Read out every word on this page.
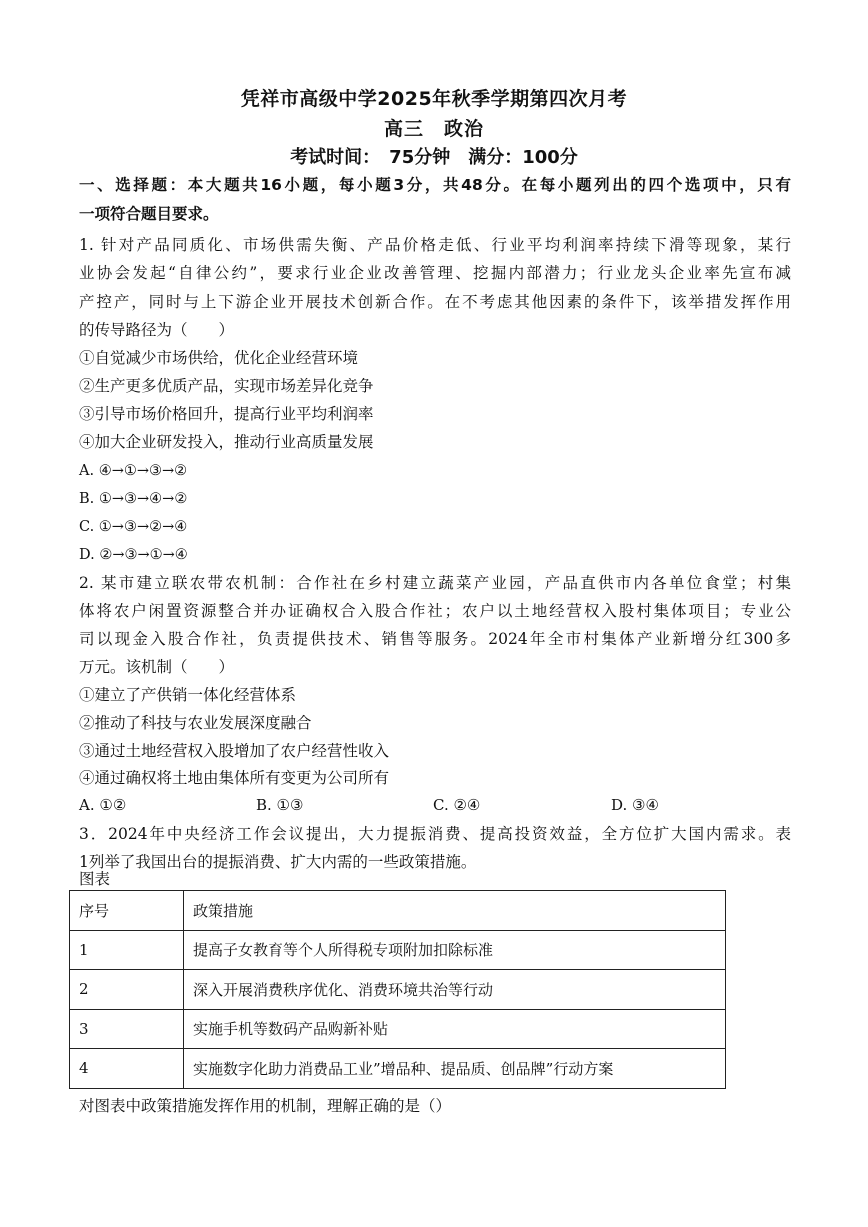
凭祥市高级中学2025年秋季学期第四次月考
高三　政治
考试时间：　75分钟　满分：100分
一、选择题：本大题共16小题，每小题3分，共48分。在每小题列出的四个选项中，只有
一项符合题目要求。
1. 针对产品同质化、市场供需失衡、产品价格走低、行业平均利润率持续下滑等现象，某行
业协会发起“自律公约”，要求行业企业改善管理、挖掘内部潜力；行业龙头企业率先宣布减
产控产，同时与上下游企业开展技术创新合作。在不考虑其他因素的条件下，该举措发挥作用
的传导路径为（　　）
①自觉减少市场供给，优化企业经营环境
②生产更多优质产品，实现市场差异化竞争
③引导市场价格回升，提高行业平均利润率
④加大企业研发投入，推动行业高质量发展
A. ④→①→③→②
B. ①→③→④→②
C. ①→③→②→④
D. ②→③→①→④
2. 某市建立联农带农机制：合作社在乡村建立蔬菜产业园，产品直供市内各单位食堂；村集
体将农户闲置资源整合并办证确权合入股合作社；农户以土地经营权入股村集体项目；专业公
司以现金入股合作社，负责提供技术、销售等服务。2024年全市村集体产业新增分红300多
万元。该机制（　　）
①建立了产供销一体化经营体系
②推动了科技与农业发展深度融合
③通过土地经营权入股增加了农户经营性收入
④通过确权将土地由集体所有变更为公司所有
A. ①②	B. ①③	C. ②④	D. ③④
3．2024年中央经济工作会议提出，大力提振消费、提高投资效益，全方位扩大国内需求。表
1列举了我国出台的提振消费、扩大内需的一些政策措施。
图表
序号	政策措施
1	提高子女教育等个人所得税专项附加扣除标准
2	深入开展消费秩序优化、消费环境共治等行动
3	实施手机等数码产品购新补贴
4	实施数字化助力消费品工业”增品种、提品质、创品牌”行动方案
对图表中政策措施发挥作用的机制，理解正确的是（）
